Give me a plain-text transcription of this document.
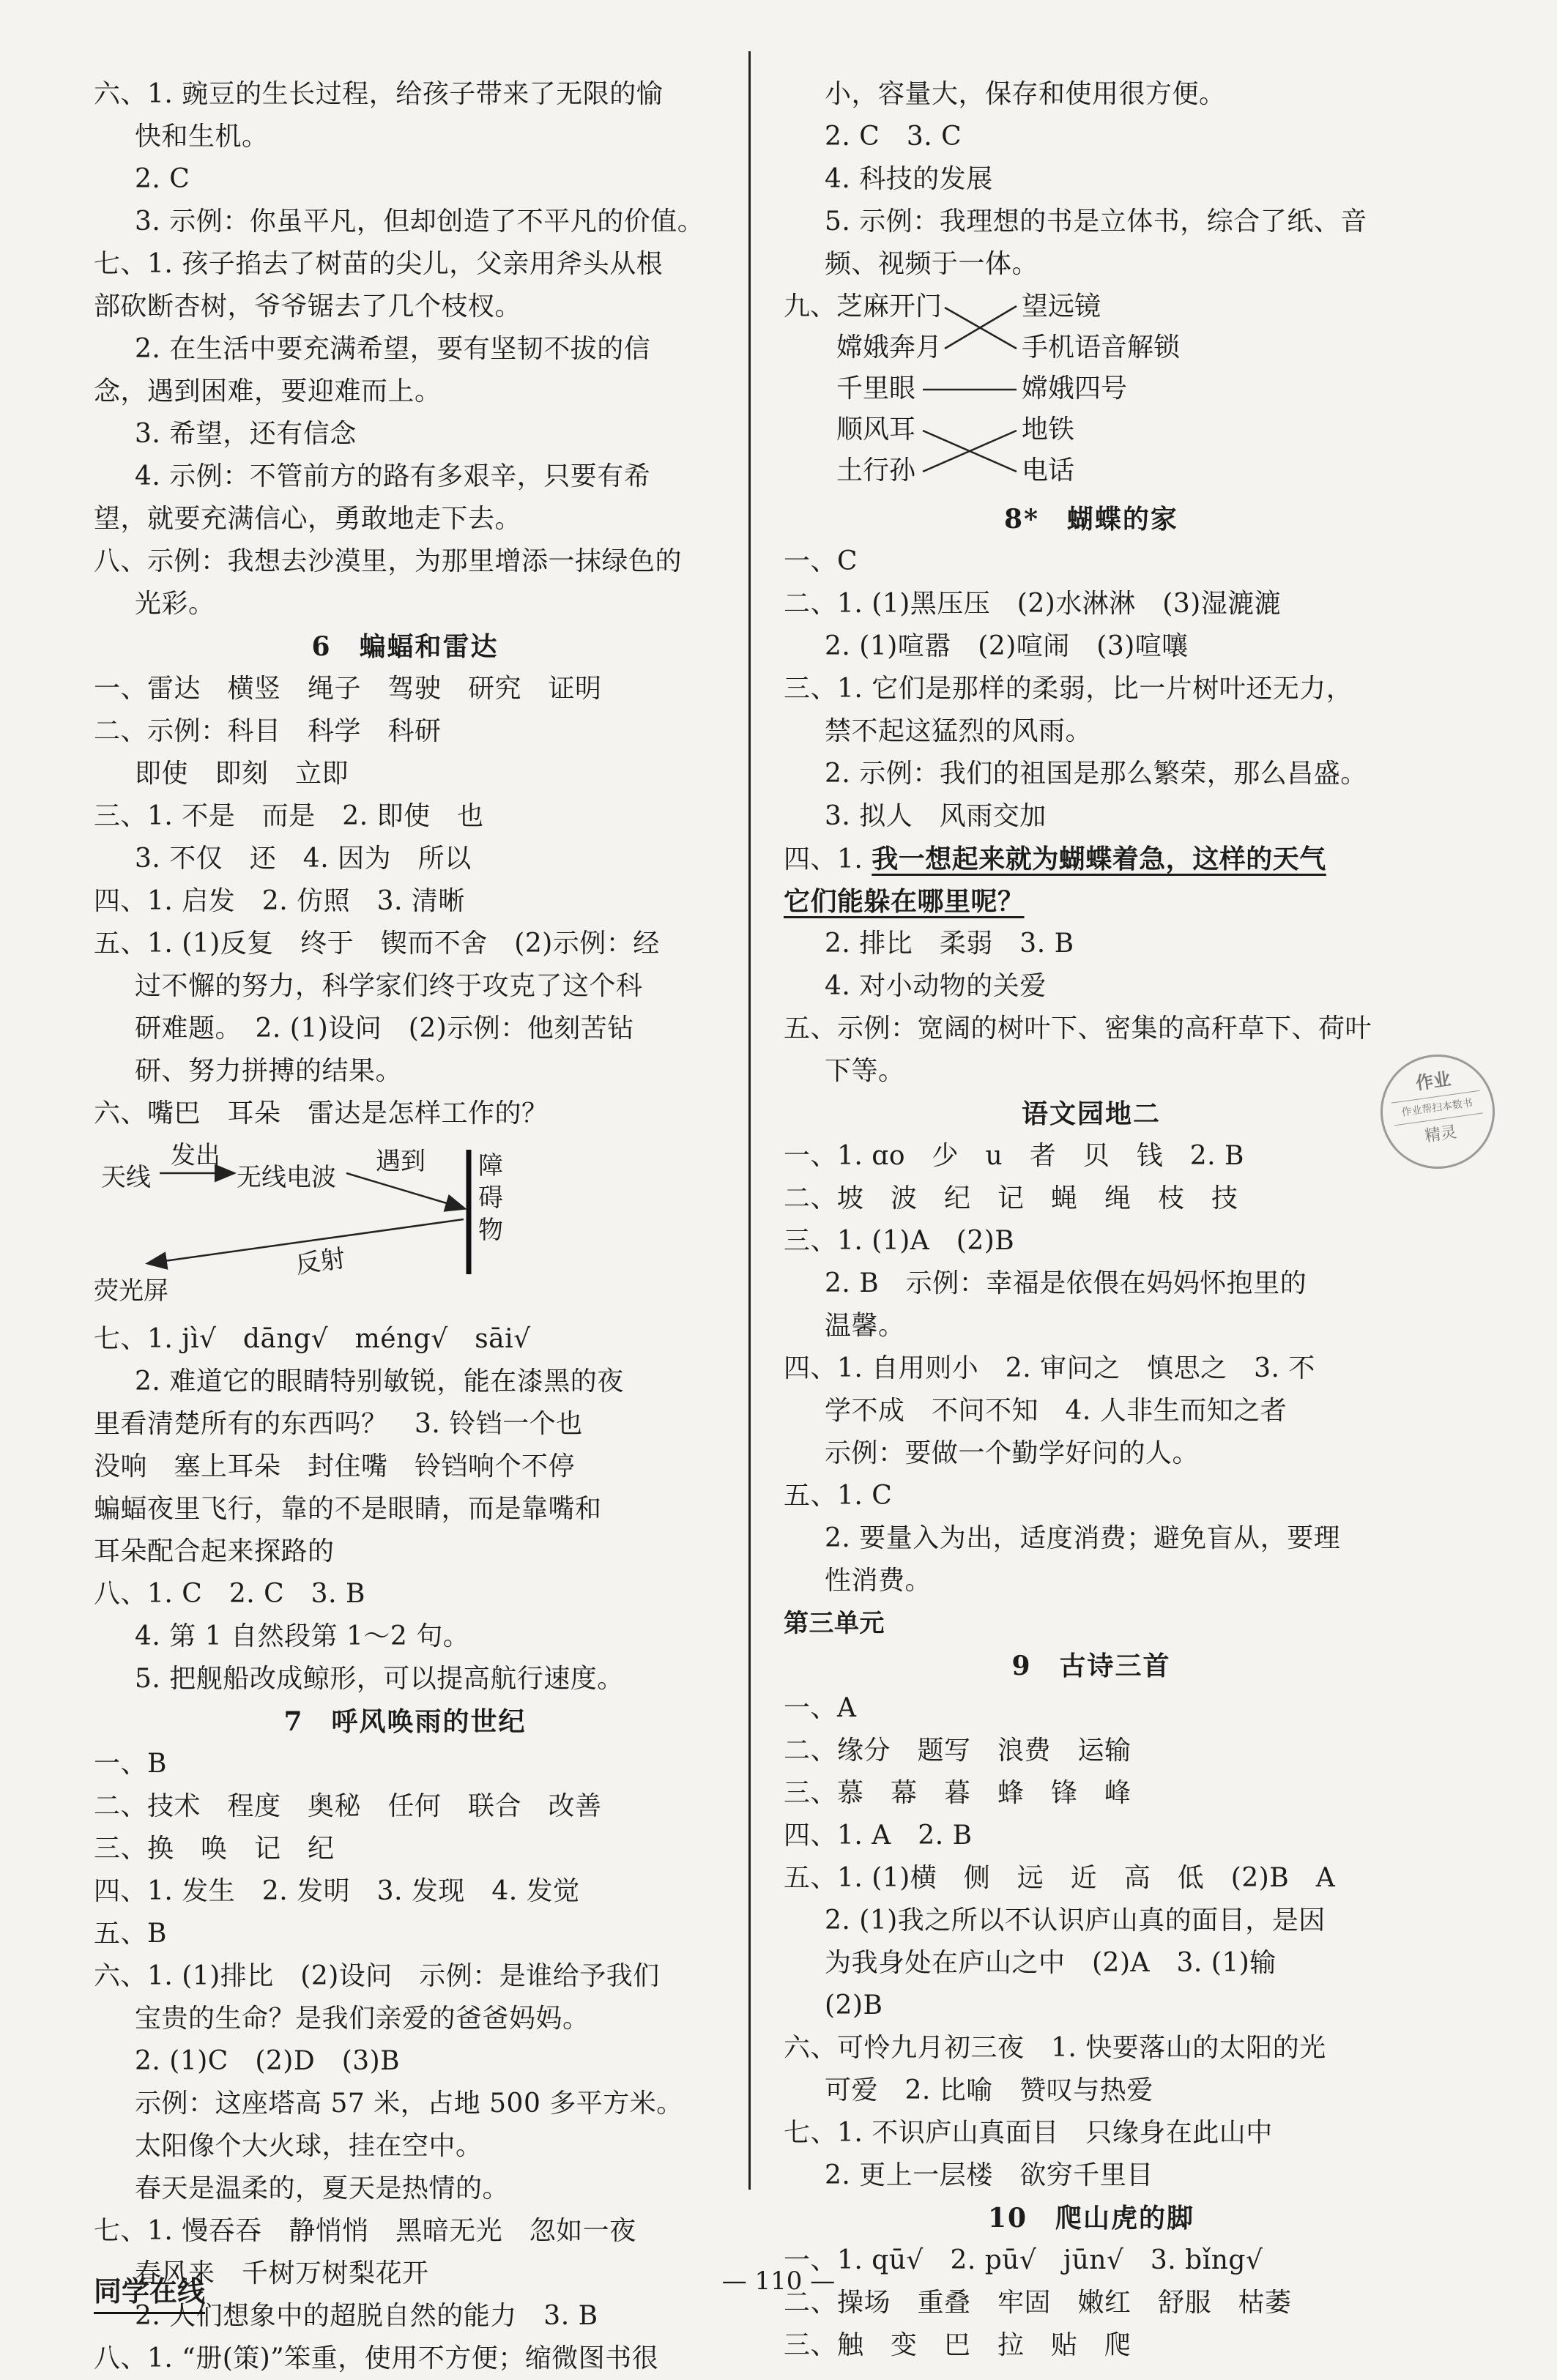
六、1. 豌豆的生长过程，给孩子带来了无限的愉
快和生机。
2. C
3. 示例：你虽平凡，但却创造了不平凡的价值。
七、1. 孩子掐去了树苗的尖儿，父亲用斧头从根
部砍断杏树，爷爷锯去了几个枝杈。
2. 在生活中要充满希望，要有坚韧不拔的信
念，遇到困难，要迎难而上。
3. 希望，还有信念
4. 示例：不管前方的路有多艰辛，只要有希
望，就要充满信心，勇敢地走下去。
八、示例：我想去沙漠里，为那里增添一抹绿色的
光彩。
6　蝙蝠和雷达
一、雷达　横竖　绳子　驾驶　研究　证明
二、示例：科目　科学　科研
即使　即刻　立即
三、1. 不是　而是　2. 即使　也
3. 不仅　还　4. 因为　所以
四、1. 启发　2. 仿照　3. 清晰
五、1. (1)反复　终于　锲而不舍　(2)示例：经
过不懈的努力，科学家们终于攻克了这个科
研难题。　2. (1)设问　(2)示例：他刻苦钻
研、努力拼搏的结果。
六、嘴巴　耳朵　雷达是怎样工作的？
天线
发出
无线电波
遇到 障碍物
荧光屏
反射
七、1. jì√　dāng√　méng√　sāi√
2. 难道它的眼睛特别敏锐，能在漆黑的夜
里看清楚所有的东西吗？　3. 铃铛一个也
没响　塞上耳朵　封住嘴　铃铛响个不停
蝙蝠夜里飞行，靠的不是眼睛，而是靠嘴和
耳朵配合起来探路的
八、1. C　2. C　3. B
4. 第 1 自然段第 1～2 句。
5. 把舰船改成鲸形，可以提高航行速度。
7　呼风唤雨的世纪
一、B
二、技术　程度　奥秘　任何　联合　改善
三、换　唤　记　纪
四、1. 发生　2. 发明　3. 发现　4. 发觉
五、B
六、1. (1)排比　(2)设问　示例：是谁给予我们
宝贵的生命？是我们亲爱的爸爸妈妈。
2. (1)C　(2)D　(3)B
示例：这座塔高 57 米，占地 500 多平方米。
太阳像个大火球，挂在空中。
春天是温柔的，夏天是热情的。
七、1. 慢吞吞　静悄悄　黑暗无光　忽如一夜
春风来　千树万树梨花开
2. 人们想象中的超脱自然的能力　3. B
八、1. “册(策)”笨重，使用不方便；缩微图书很
小，容量大，保存和使用很方便。
2. C　3. C
4. 科技的发展
5. 示例：我理想的书是立体书，综合了纸、音
频、视频于一体。
九、 芝麻开门
嫦娥奔月
千里眼
顺风耳
土行孙
望远镜
手机语音解锁
嫦娥四号
地铁
电话
8*　蝴蝶的家
一、C
二、1. (1)黑压压　(2)水淋淋　(3)湿漉漉
2. (1)喧嚣　(2)喧闹　(3)喧嚷
三、1. 它们是那样的柔弱，比一片树叶还无力，
禁不起这猛烈的风雨。
2. 示例：我们的祖国是那么繁荣，那么昌盛。
3. 拟人　风雨交加
四、1. 我一想起来就为蝴蝶着急，这样的天气
它们能躲在哪里呢？
2. 排比　柔弱　3. B
4. 对小动物的关爱
五、示例：宽阔的树叶下、密集的高秆草下、荷叶
下等。
语文园地二
一、1. ɑo　少　u　者　贝　钱　2. B
二、坡　波　纪　记　蝇　绳　枝　技
三、1. (1)A　(2)B
2. B　示例：幸福是依偎在妈妈怀抱里的
温馨。
四、1. 自用则小　2. 审问之　慎思之　3. 不
学不成　不问不知　4. 人非生而知之者
示例：要做一个勤学好问的人。
五、1. C
2. 要量入为出，适度消费；避免盲从，要理
性消费。
第三单元
9　古诗三首
一、A
二、缘分　题写　浪费　运输
三、慕　幕　暮　蜂　锋　峰
四、1. A　2. B
五、1. (1)横　侧　远　近　高　低　(2)B　A
2. (1)我之所以不认识庐山真的面目，是因
为我身处在庐山之中　(2)A　3. (1)输
(2)B
六、可怜九月初三夜　1. 快要落山的太阳的光
可爱　2. 比喻　赞叹与热爱
七、1. 不识庐山真面目　只缘身在此山中
2. 更上一层楼　欲穷千里目
10　爬山虎的脚
一、1. qū√　2. pū√　jūn√　3. bǐng√
二、操场　重叠　牢固　嫩红　舒服　枯萎
三、触　变　巴　拉　贴　爬
作业
作业帮扫本数书
精灵
同学在线	— 110 —
